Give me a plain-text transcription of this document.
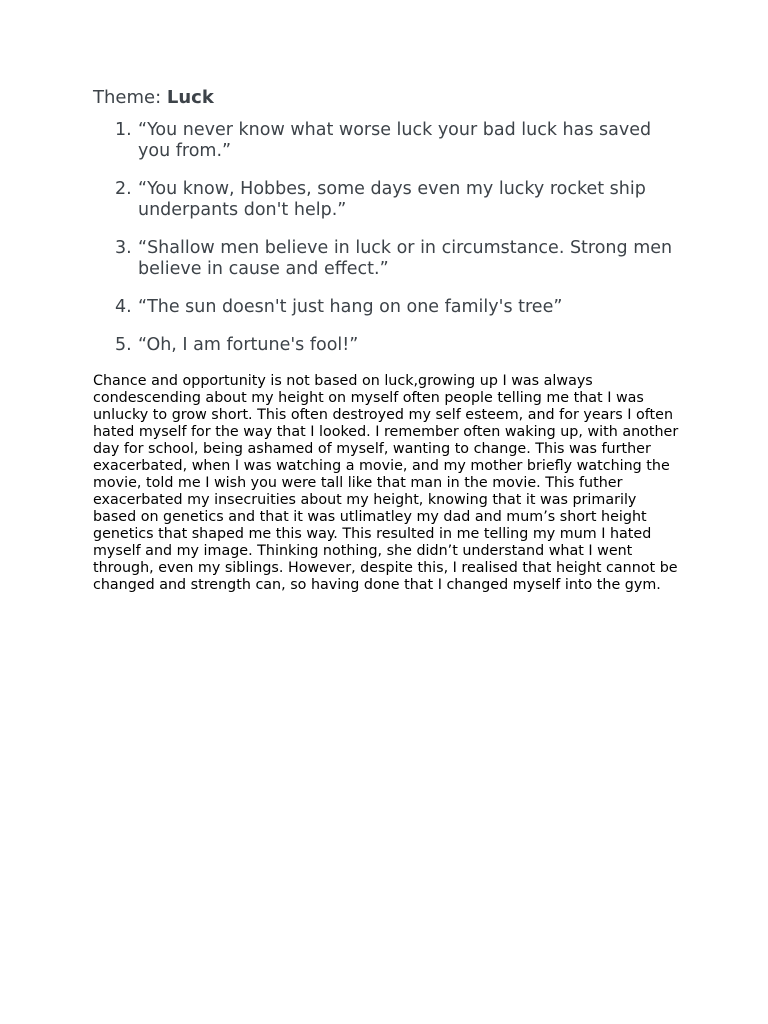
Theme: Luck

1. “You never know what worse luck your bad luck has saved you from.”
2. “You know, Hobbes, some days even my lucky rocket ship underpants don't help.”
3. “Shallow men believe in luck or in circumstance. Strong men believe in cause and effect.”
4. “The sun doesn't just hang on one family's tree”
5. “Oh, I am fortune's fool!”

Chance and opportunity is not based on luck,growing up I was always condescending about my height on myself often people telling me that I was unlucky to grow short. This often destroyed my self esteem, and for years I often hated myself for the way that I looked. I remember often waking up, with another day for school, being ashamed of myself, wanting to change. This was further exacerbated, when I was watching a movie, and my mother briefly watching the movie, told me I wish you were tall like that man in the movie. This futher exacerbated my insecruities about my height, knowing that it was primarily based on genetics and that it was utlimatley my dad and mum’s short height genetics that shaped me this way. This resulted in me telling my mum I hated myself and my image. Thinking nothing, she didn’t understand what I went through, even my siblings. However, despite this, I realised that height cannot be changed and strength can, so having done that I changed myself into the gym.
